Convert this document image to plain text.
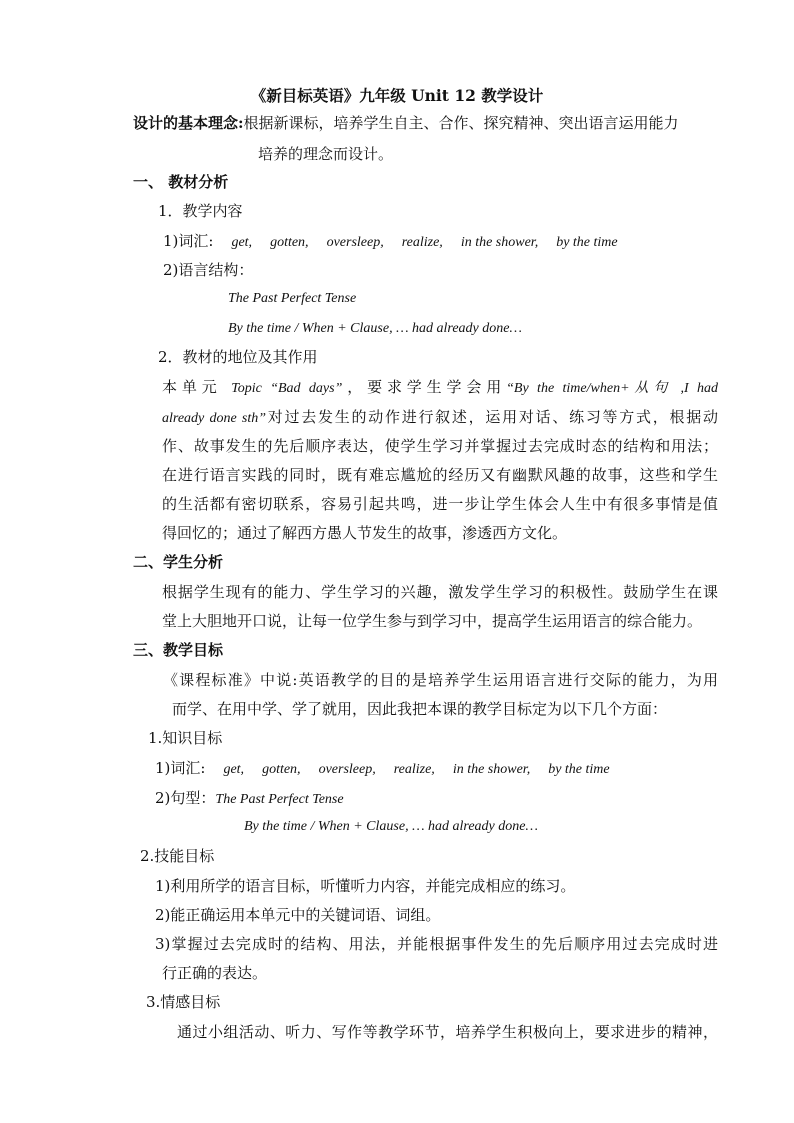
《新目标英语》九年级 Unit 12 教学设计
设计的基本理念:根据新课标，培养学生自主、合作、探究精神、突出语言运用能力
培养的理念而设计。
一、 教材分析
1．教学内容
1)词汇: get, gotten, oversleep, realize, in the shower, by the time
2)语言结构：
The Past Perfect Tense
By the time / When + Clause, … had already done…
2．教材的地位及其作用
本单元 Topic “Bad days”，要求学生学会用“By the time/when+从句 ,I had
already done sth”对过去发生的动作进行叙述，运用对话、练习等方式，根据动
作、故事发生的先后顺序表达，使学生学习并掌握过去完成时态的结构和用法；
在进行语言实践的同时，既有难忘尴尬的经历又有幽默风趣的故事，这些和学生
的生活都有密切联系，容易引起共鸣，进一步让学生体会人生中有很多事情是值
得回忆的；通过了解西方愚人节发生的故事，渗透西方文化。
二、学生分析
根据学生现有的能力、学生学习的兴趣，激发学生学习的积极性。鼓励学生在课
堂上大胆地开口说，让每一位学生参与到学习中，提高学生运用语言的综合能力。
三、教学目标
《课程标准》中说:英语教学的目的是培养学生运用语言进行交际的能力，为用
而学、在用中学、学了就用，因此我把本课的教学目标定为以下几个方面：
1.知识目标
1)词汇: get, gotten, oversleep, realize, in the shower, by the time
2)句型：The Past Perfect Tense
By the time / When + Clause, … had already done…
2.技能目标
1)利用所学的语言目标，听懂听力内容，并能完成相应的练习。
2)能正确运用本单元中的关键词语、词组。
3)掌握过去完成时的结构、用法，并能根据事件发生的先后顺序用过去完成时进
行正确的表达。
3.情感目标
通过小组活动、听力、写作等教学环节，培养学生积极向上，要求进步的精神，
